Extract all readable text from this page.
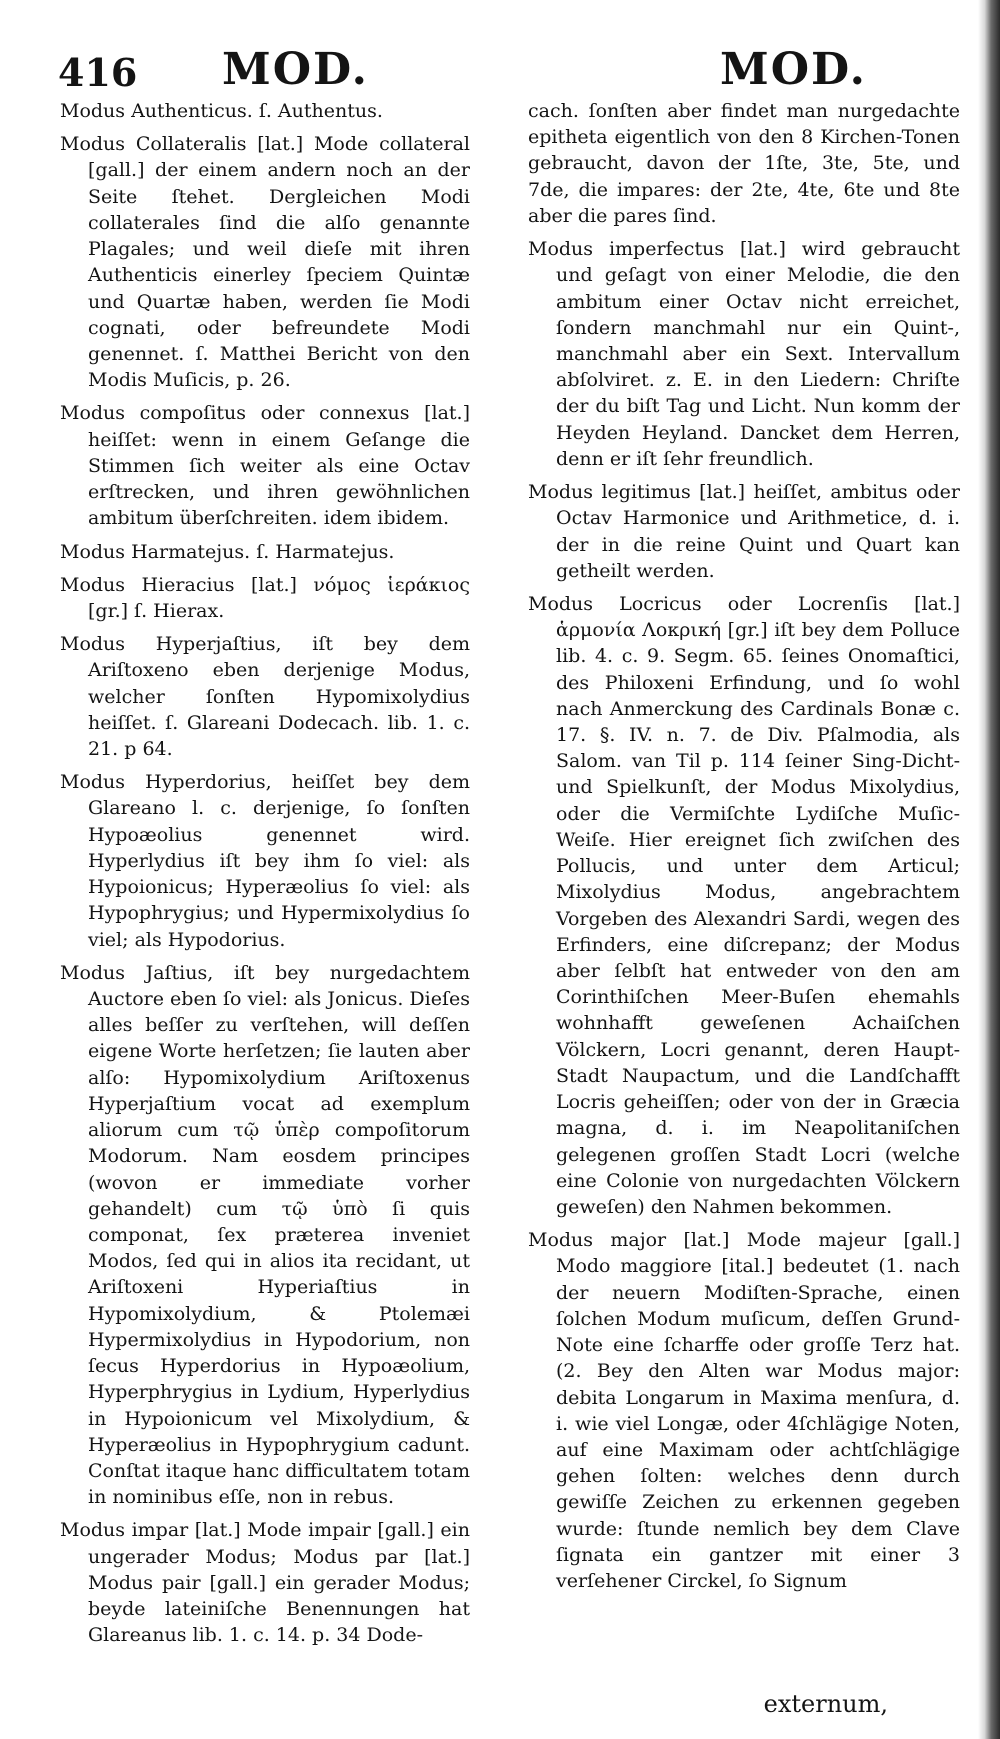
416 MOD.	MOD.

Modus Authenticus. ſ. Authentus.

Modus Collateralis [lat.] Mode collateral [gall.] der einem andern noch an der Seite ſtehet. Dergleichen Modi collaterales ſind die alſo genannte Plagales; und weil dieſe mit ihren Authenticis einerley ſpeciem Quintæ und Quartæ haben, werden ſie Modi cognati, oder befreundete Modi genennet. ſ. Matthei Bericht von den Modis Muſicis, p. 26.

Modus compoſitus oder connexus [lat.] heiſſet: wenn in einem Geſange die Stimmen ſich weiter als eine Octav erſtrecken, und ihren gewöhnlichen ambitum überſchreiten. idem ibidem.

Modus Harmatejus. ſ. Harmatejus.

Modus Hieracius [lat.] νόμος ἱεράκιος [gr.] ſ. Hierax.

Modus Hyperjaſtius, iſt bey dem Ariſtoxeno eben derjenige Modus, welcher ſonſten Hypomixolydius heiſſet. ſ. Glareani Dodecach. lib. 1. c. 21. p 64.

Modus Hyperdorius, heiſſet bey dem Glareano l. c. derjenige, ſo ſonſten Hypoæolius genennet wird. Hyperlydius iſt bey ihm ſo viel: als Hypoionicus; Hyperæolius ſo viel: als Hypophrygius; und Hypermixolydius ſo viel; als Hypodorius.

Modus Jaſtius, iſt bey nurgedachtem Auctore eben ſo viel: als Jonicus. Dieſes alles beſſer zu verſtehen, will deſſen eigene Worte herſetzen; ſie lauten aber alſo: Hypomixolydium Ariſtoxenus Hyperjaſtium vocat ad exemplum aliorum cum τῷ ὑπὲρ compoſitorum Modorum. Nam eosdem principes (wovon er immediate vorher gehandelt) cum τῷ ὑπὸ ſi quis componat, ſex præterea inveniet Modos, ſed qui in alios ita recidant, ut Ariſtoxeni Hyperiaſtius in Hypomixolydium, & Ptolemæi Hypermixolydius in Hypodorium, non ſecus Hyperdorius in Hypoæolium, Hyperphrygius in Lydium, Hyperlydius in Hypoionicum vel Mixolydium, & Hyperæolius in Hypophrygium cadunt. Conſtat itaque hanc difficultatem totam in nominibus eſſe, non in rebus.

Modus impar [lat.] Mode impair [gall.] ein ungerader Modus; Modus par [lat.] Modus pair [gall.] ein gerader Modus; beyde lateiniſche Benennungen hat Glareanus lib. 1. c. 14. p. 34 Dode-

cach. ſonſten aber findet man nurgedachte epitheta eigentlich von den 8 Kirchen-Tonen gebraucht, davon der 1ſte, 3te, 5te, und 7de, die impares: der 2te, 4te, 6te und 8te aber die pares ſind.

Modus imperfectus [lat.] wird gebraucht und geſagt von einer Melodie, die den ambitum einer Octav nicht erreichet, ſondern manchmahl nur ein Quint-, manchmahl aber ein Sext. Intervallum abſolviret. z. E. in den Liedern: Chriſte der du biſt Tag und Licht. Nun komm der Heyden Heyland. Dancket dem Herren, denn er iſt ſehr freundlich.

Modus legitimus [lat.] heiſſet, ambitus oder Octav Harmonice und Arithmetice, d. i. der in die reine Quint und Quart kan getheilt werden.

Modus Locricus oder Locrenſis [lat.] ἁρμονία Λοκρική [gr.] iſt bey dem Polluce lib. 4. c. 9. Segm. 65. ſeines Onomaſtici, des Philoxeni Erfindung, und ſo wohl nach Anmerckung des Cardinals Bonæ c. 17. §. IV. n. 7. de Div. Pſalmodia, als Salom. van Til p. 114 ſeiner Sing-Dicht- und Spielkunſt, der Modus Mixolydius, oder die Vermiſchte Lydiſche Muſic-Weiſe. Hier ereignet ſich zwiſchen des Pollucis, und unter dem Articul; Mixolydius Modus, angebrachtem Vorgeben des Alexandri Sardi, wegen des Erfinders, eine diſcrepanz; der Modus aber ſelbſt hat entweder von den am Corinthiſchen Meer-Buſen ehemahls wohnhafft geweſenen Achaiſchen Völckern, Locri genannt, deren Haupt-Stadt Naupactum, und die Landſchafft Locris geheiſſen; oder von der in Græcia magna, d. i. im Neapolitaniſchen gelegenen groſſen Stadt Locri (welche eine Colonie von nurgedachten Völckern geweſen) den Nahmen bekommen.

Modus major [lat.] Mode majeur [gall.] Modo maggiore [ital.] bedeutet (1. nach der neuern Modiſten-Sprache, einen ſolchen Modum muſicum, deſſen Grund-Note eine ſcharffe oder groſſe Terz hat. (2. Bey den Alten war Modus major: debita Longarum in Maxima menſura, d. i. wie viel Longæ, oder 4ſchlägige Noten, auf eine Maximam oder achtſchlägige gehen ſolten: welches denn durch gewiſſe Zeichen zu erkennen gegeben wurde: ſtunde nemlich bey dem Clave ſignata ein gantzer mit einer 3 verſehener Circkel, ſo Signum

externum,
